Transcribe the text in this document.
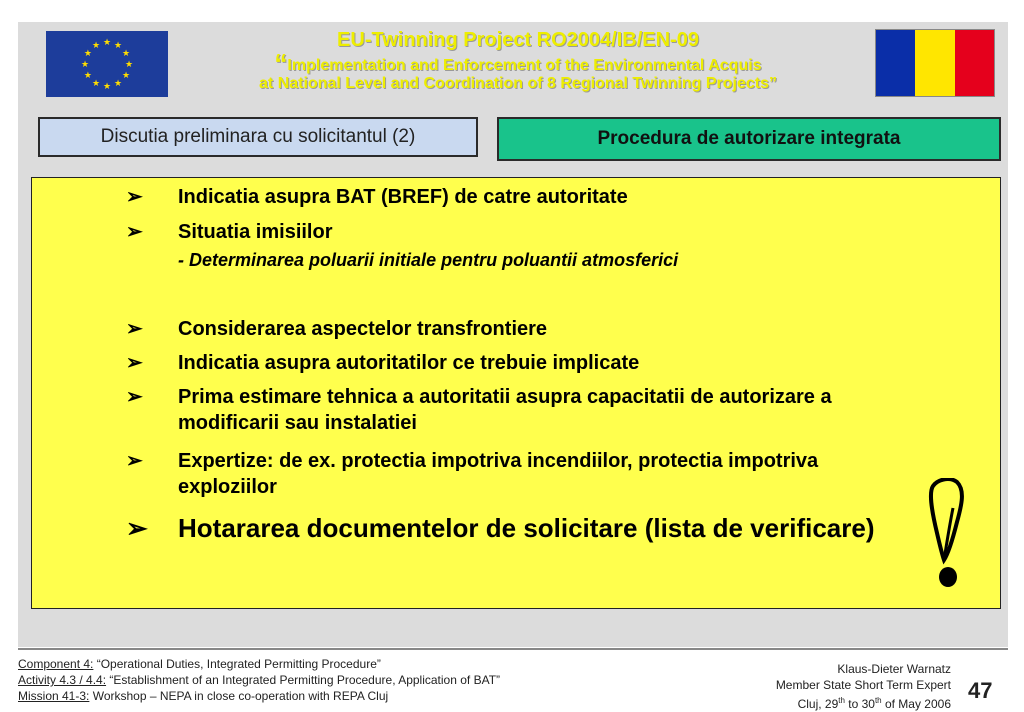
★
★
★
★
★
★
★
★
★ ★ ★
★
EU-Twinning Project RO2004/IB/EN-09
“Implementation and Enforcement of the Environmental Acquis
at National Level and Coordination of 8 Regional Twinning Projects”
Discutia preliminara cu solicitantul (2)	Procedura de autorizare integrata
➢	Indicatia asupra BAT (BREF) de catre autoritate
➢	Situatia imisiilor
- Determinarea poluarii initiale pentru poluantii atmosferici
➢	Considerarea aspectelor transfrontiere
➢	Indicatia asupra autoritatilor ce trebuie implicate
➢	Prima estimare tehnica a autoritatii asupra capacitatii de autorizare a modificarii sau instalatiei
➢	Expertize: de ex. protectia impotriva incendiilor, protectia impotriva exploziilor
➢	Hotararea documentelor de solicitare (lista de verificare)
Component 4: “Operational Duties, Integrated Permitting Procedure”
Activity 4.3 / 4.4: “Establishment of an Integrated Permitting Procedure, Application of BAT”
Mission 41-3: Workshop – NEPA in close co-operation with REPA Cluj
Klaus-Dieter Warnatz
Member State Short Term Expert
Cluj, 29th to 30th of May 2006
47
